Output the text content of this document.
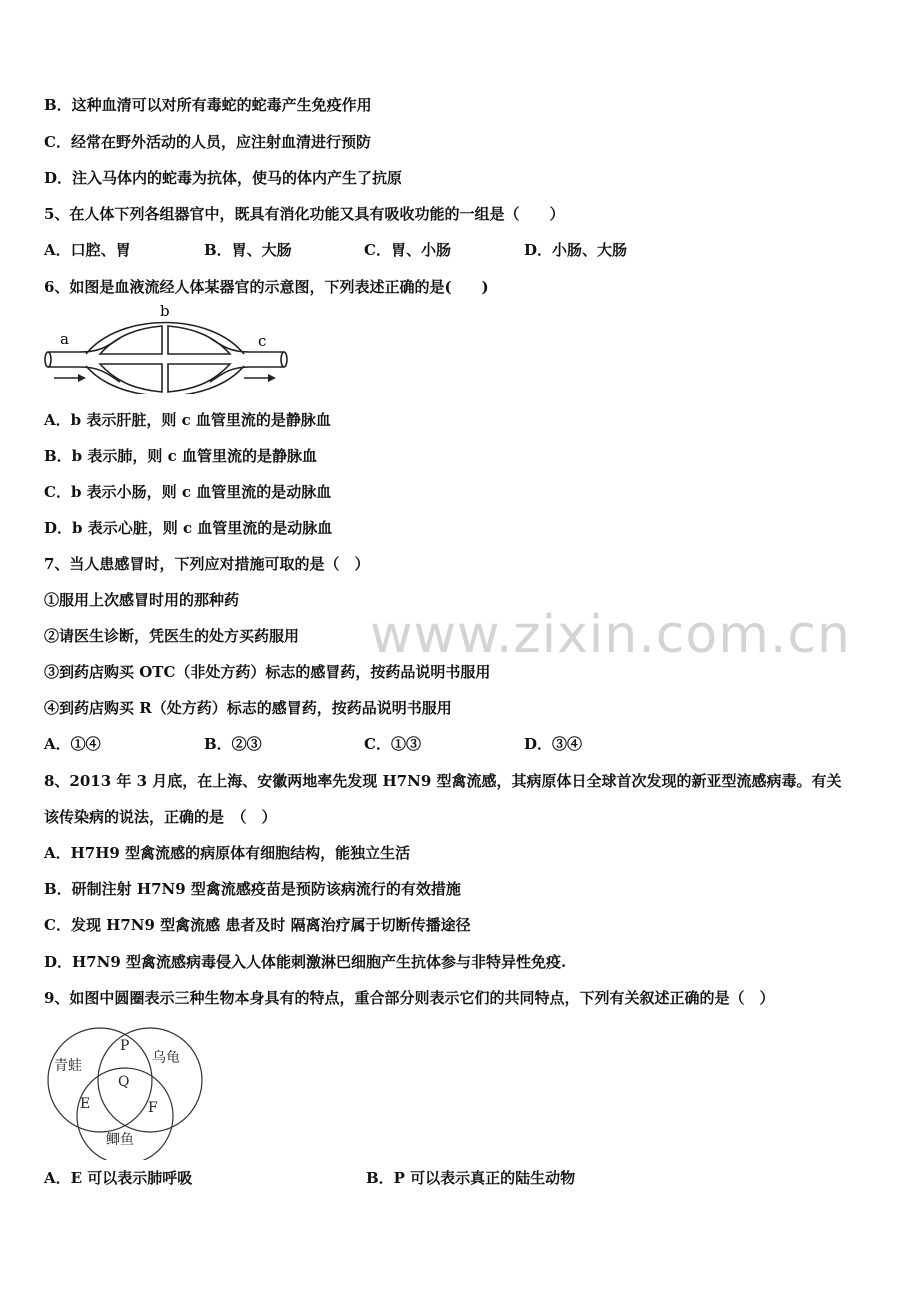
www.zixin.com.cn
B．这种血清可以对所有毒蛇的蛇毒产生免疫作用
C．经常在野外活动的人员，应注射血清进行预防
D．注入马体内的蛇毒为抗体，使马的体内产生了抗原
5、在人体下列各组器官中，既具有消化功能又具有吸收功能的一组是（　　）
A．口腔、胃	B．胃、大肠	C．胃、小肠	D．小肠、大肠
6、如图是血液流经人体某器官的示意图，下列表述正确的是(　　)
a
b
c
A．b 表示肝脏，则 c 血管里流的是静脉血
B．b 表示肺，则 c 血管里流的是静脉血
C．b 表示小肠，则 c 血管里流的是动脉血
D．b 表示心脏，则 c 血管里流的是动脉血
7、当人患感冒时，下列应对措施可取的是（　）
①服用上次感冒时用的那种药
②请医生诊断，凭医生的处方买药服用
③到药店购买 OTC（非处方药）标志的感冒药，按药品说明书服用
④到药店购买 R（处方药）标志的感冒药，按药品说明书服用
A．①④	B．②③	C．①③	D．③④
8、2013 年 3 月底，在上海、安徽两地率先发现 H7N9 型禽流感，其病原体日全球首次发现的新亚型流感病毒。有关
该传染病的说法，正确的是　（　）
A．H7H9 型禽流感的病原体有细胞结构，能独立生活
B．研制注射 H7N9 型禽流感疫苗是预防该病流行的有效措施
C．发现 H7N9 型禽流感 患者及时 隔离治疗属于切断传播途径
D．H7N9 型禽流感病毒侵入人体能刺激淋巴细胞产生抗体参与非特异性免疫.
9、如图中圆圈表示三种生物本身具有的特点，重合部分则表示它们的共同特点，下列有关叙述正确的是（　）
青蛙	乌龟
鲫鱼
P
Q
E	F
A．E 可以表示肺呼吸	B．P 可以表示真正的陆生动物
